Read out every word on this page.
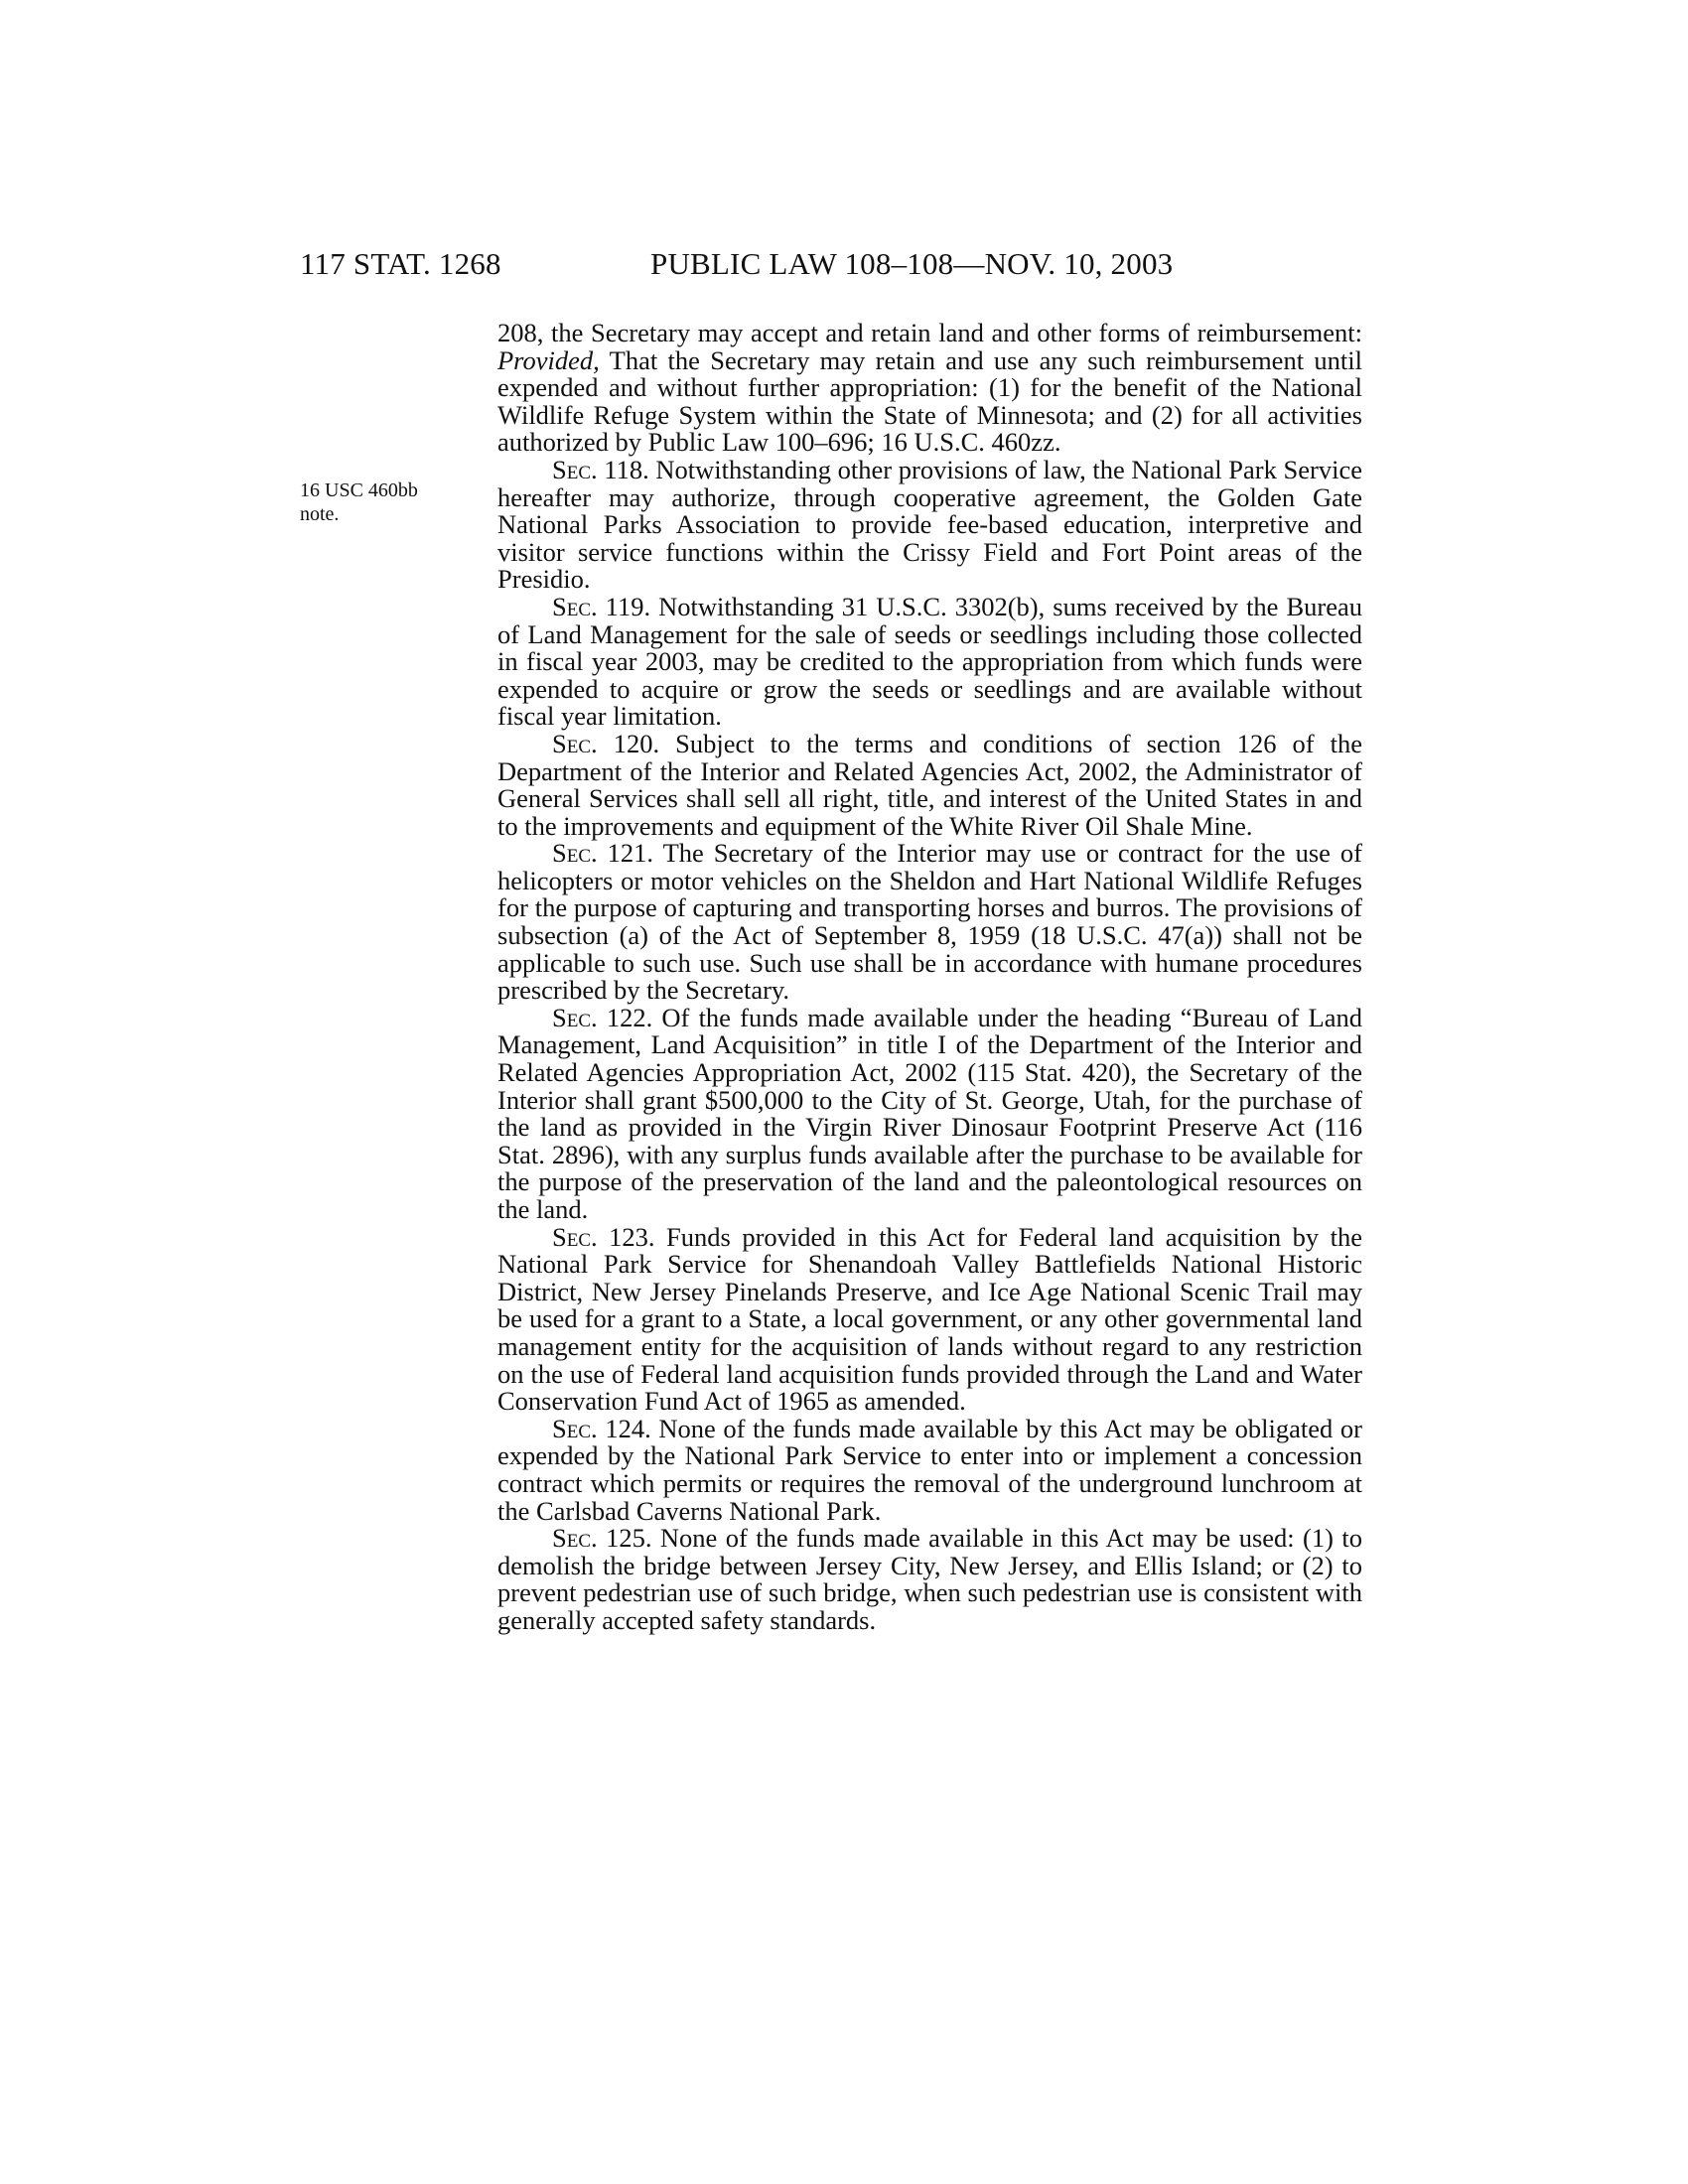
117 STAT. 1268	PUBLIC LAW 108–108—NOV. 10, 2003
16 USC 460bb
note.

208, the Secretary may accept and retain land and other forms of reimbursement: Provided, That the Secretary may retain and use any such reimbursement until expended and without further appropriation: (1) for the benefit of the National Wildlife Refuge System within the State of Minnesota; and (2) for all activities authorized by Public Law 100–696; 16 U.S.C. 460zz.

Sec. 118. Notwithstanding other provisions of law, the National Park Service hereafter may authorize, through cooperative agreement, the Golden Gate National Parks Association to provide fee-based education, interpretive and visitor service functions within the Crissy Field and Fort Point areas of the Presidio.

Sec. 119. Notwithstanding 31 U.S.C. 3302(b), sums received by the Bureau of Land Management for the sale of seeds or seedlings including those collected in fiscal year 2003, may be credited to the appropriation from which funds were expended to acquire or grow the seeds or seedlings and are available without fiscal year limitation.

Sec. 120. Subject to the terms and conditions of section 126 of the Department of the Interior and Related Agencies Act, 2002, the Administrator of General Services shall sell all right, title, and interest of the United States in and to the improvements and equipment of the White River Oil Shale Mine.

Sec. 121. The Secretary of the Interior may use or contract for the use of helicopters or motor vehicles on the Sheldon and Hart National Wildlife Refuges for the purpose of capturing and transporting horses and burros. The provisions of subsection (a) of the Act of September 8, 1959 (18 U.S.C. 47(a)) shall not be applicable to such use. Such use shall be in accordance with humane procedures prescribed by the Secretary.

Sec. 122. Of the funds made available under the heading “Bureau of Land Management, Land Acquisition” in title I of the Department of the Interior and Related Agencies Appropriation Act, 2002 (115 Stat. 420), the Secretary of the Interior shall grant $500,000 to the City of St. George, Utah, for the purchase of the land as provided in the Virgin River Dinosaur Footprint Preserve Act (116 Stat. 2896), with any surplus funds available after the purchase to be available for the purpose of the preservation of the land and the paleontological resources on the land.

Sec. 123. Funds provided in this Act for Federal land acquisition by the National Park Service for Shenandoah Valley Battlefields National Historic District, New Jersey Pinelands Preserve, and Ice Age National Scenic Trail may be used for a grant to a State, a local government, or any other governmental land management entity for the acquisition of lands without regard to any restriction on the use of Federal land acquisition funds provided through the Land and Water Conservation Fund Act of 1965 as amended.

Sec. 124. None of the funds made available by this Act may be obligated or expended by the National Park Service to enter into or implement a concession contract which permits or requires the removal of the underground lunchroom at the Carlsbad Caverns National Park.

Sec. 125. None of the funds made available in this Act may be used: (1) to demolish the bridge between Jersey City, New Jersey, and Ellis Island; or (2) to prevent pedestrian use of such bridge, when such pedestrian use is consistent with generally accepted safety standards.
